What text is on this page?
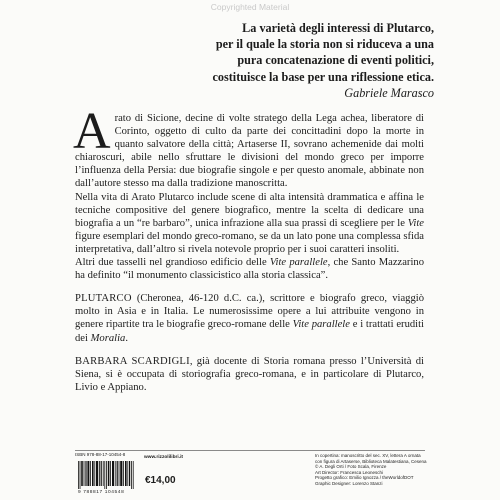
Copyrighted Material
La varietà degli interessi di Plutarco,
per il quale la storia non si riduceva a una
pura concatenazione di eventi politici,
costituisce la base per una riflessione etica.
Gabriele Marasco

Arato di Sicione, decine di volte stratego della Lega achea, liberatore di Corinto, oggetto di culto da parte dei concittadini dopo la morte in quanto salvatore della città; Artaserse II, sovrano achemenide dai molti chiaroscuri, abile nello sfruttare le divisioni del mondo greco per imporre l’influenza della Persia: due biografie singole e per questo anomale, abbinate non dall’autore stesso ma dalla tradizione manoscritta.

Nella vita di Arato Plutarco include scene di alta intensità drammatica e affina le tecniche compositive del genere biografico, mentre la scelta di dedicare una biografia a un “re barbaro”, unica infrazione alla sua prassi di scegliere per le Vite figure esemplari del mondo greco-romano, se da un lato pone una complessa sfida interpretativa, dall’altro si rivela notevole proprio per i suoi caratteri insoliti.

Altri due tasselli nel grandioso edificio delle Vite parallele, che Santo Mazzarino ha definito “il monumento classicistico alla storia classica”.

PLUTARCO (Cheronea, 46-120 d.C. ca.), scrittore e biografo greco, viaggiò molto in Asia e in Italia. Le numerosissime opere a lui attribuite vengono in genere ripartite tra le biografie greco-romane delle Vite parallele e i trattati eruditi dei Moralia.

BARBARA SCARDIGLI, già docente di Storia romana presso l’Università di Siena, si è occupata di storiografia greco-romana, e in particolare di Plutarco, Livio e Appiano.

ISBN 978-88-17-10454-8
9 788817 104548
www.rizzolilibri.it
€14,00
In copertina: manoscritto del sec. XV, lettera A ornata
con figura di Artaserse, Biblioteca Malatestiana, Cesena
© A. Degli Orti / Foto Scala, Firenze
Art Director: Francesca Leoneschi
Progetto grafico: Emilio Ignozza / theWorldofDOT
Graphic Designer: Lorenzo Stanzi
